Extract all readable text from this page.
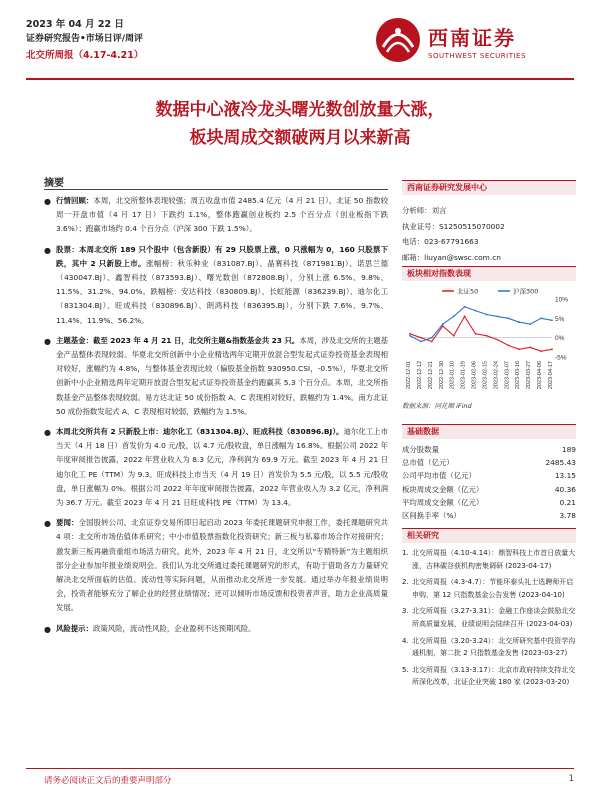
2023 年 04 月 22 日
证券研究报告•市场日评/周评
北交所周报（4.17-4.21）
西南证券
SOUTHWEST SECURITIES
数据中心液冷龙头曙光数创放量大涨，
板块周成交额破两月以来新高
摘要
● 行情回顾：本周，北交所整体表现较强；周五收盘市值 2485.4 亿元（4 月 21 日），北证 50 指数较周一开盘市值（4 月 17 日）下跌约 1.1%，整体跑赢创业板约 2.5 个百分点（创业板指下跌 3.6%）；跑赢市场约 0.4 个百分点（沪深 300 下跌 1.5%）。
● 股票：本周北交所 189 只个股中（包含新股）有 29 只股票上涨，0 只涨幅为 0，160 只股票下跌，其中 2 只新股上市。涨幅榜：秋乐种业（831087.BJ）、晶赛科技（871981.BJ）、诺思兰德（430047.BJ）、鑫智科技（873593.BJ）、曙光数创（872808.BJ），分别上涨 6.5%、9.8%、11.5%、31.2%、94.0%。跌幅榜：安达科技（830809.BJ）、长虹能源（836239.BJ）、迪尔化工（831304.BJ）、旺成科技（830896.BJ）、朗鸿科技（836395.BJ），分别下跌 7.6%、9.7%、11.4%、11.9%、56.2%。
● 主题基金：截至 2023 年 4 月 21 日，北交所主题&指数基金共 23 只。本周，涉及北交所的主题基金产品整体表现较弱。华夏北交所创新中小企业精选两年定期开放混合型发起式证券投资基金表现相对较好，涨幅约为 4.8%，与整体基金表现比较（偏股基金指数 930950.CSI，-0.5%），华夏北交所创新中小企业精选两年定期开放混合型发起式证券投资基金约跑赢其 5.3 个百分点。本周，北交所指数基金产品整体表现较弱。易方达北证 50 成份指数 A、C 表现相对较好，跌幅约为 1.4%。南方北证 50 成份指数发起式 A、C 表现相对较弱，跌幅约为 1.5%。
● 本周北交所共有 2 只新股上市：迪尔化工（831304.BJ）、旺成科技（830896.BJ）。迪尔化工上市当天（4 月 18 日）首发价为 4.0 元/股，以 4.7 元/股收盘，单日涨幅为 16.8%。根据公司 2022 年年度审阅报告披露，2022 年营业收入为 8.3 亿元，净利润为 69.9 万元。截至 2023 年 4 月 21 日迪尔化工 PE（TTM）为 9.3。旺成科技上市当天（4 月 19 日）首发价为 5.5 元/股，以 5.5 元/股收盘，单日涨幅为 0%。根据公司 2022 年年度审阅报告披露，2022 年营业收入为 3.2 亿元，净利润为 36.7 万元。截至 2023 年 4 月 21 日旺成科技 PE（TTM）为 13.4。
● 要闻：全国股转公司、北京证券交易所即日起启动 2023 年委托课题研究申报工作，委托课题研究共 4 项：北交所市场估值体系研究；中小市值股票指数化投资研究；新三板与私募市场合作对接研究；激发新三板再融资重组市场活力研究。此外，2023 年 4 月 21 日，北交所以“专精特新”为主题组织部分企业参加年报业绩说明会。我们认为北交所通过委托课题研究的形式，有助于借助各方力量研究解决北交所面临的估值、流动性等实际问题，从而推动北交所进一步发展。通过举办年报业绩说明会，投资者能够充分了解企业的经营业绩情况；还可以倾听市场反馈和投资者声音，助力企业高质量发展。
● 风险提示：政策风险，流动性风险，企业盈利不达预期风险。
西南证券研究发展中心
分析师：刘言
执业证号：S1250515070002
电话：023-67791663
邮箱：liuyan@swsc.com.cn
板块相对指数表现
10%
5%
0%
-5%
2022-12-01 2022-12-12 2022-12-21 2022-12-30 2023-01-10 2023-01-19 2023-02-06 2023-02-15 2023-02-24 2023-03-07 2023-03-16 2023-03-27 2023-04-06 2023-04-17
北证50	沪深300
数据来源：同花顺 iFind
基础数据
成分股数量	189
总市值（亿元）	2485.43
公司平均市值（亿元）	13.15
板块周成交金额（亿元）	40.36
平均周成交金额（亿元）	0.21
区间换手率（%）	3.78
相关研究
1. 北交所周报（4.10-4.14）：鼎智科技上市首日放量大涨，吉林碳谷获机构密集调研 (2023-04-17)
2. 北交所周报（4.3-4.7）：节能环泰头礼士选聘师开启申购，第 12 只指数基金公告发售 (2023-04-10)
3. 北交所周报（3.27-3.31）：金融工作座谈会鼓励北交所高质量发展，业绩说明会陆续召开 (2023-04-03)
4. 北交所周报（3.20-3.24）：北交所研究基中投资学沟通机制，第二批 2 只指数基金发售 (2023-03-27)
5. 北交所周报（3.13-3.17）：北京市政府持续支持北交所深化改革，北证企业突破 180 家 (2023-03-20)
请务必阅读正文后的重要声明部分	1
